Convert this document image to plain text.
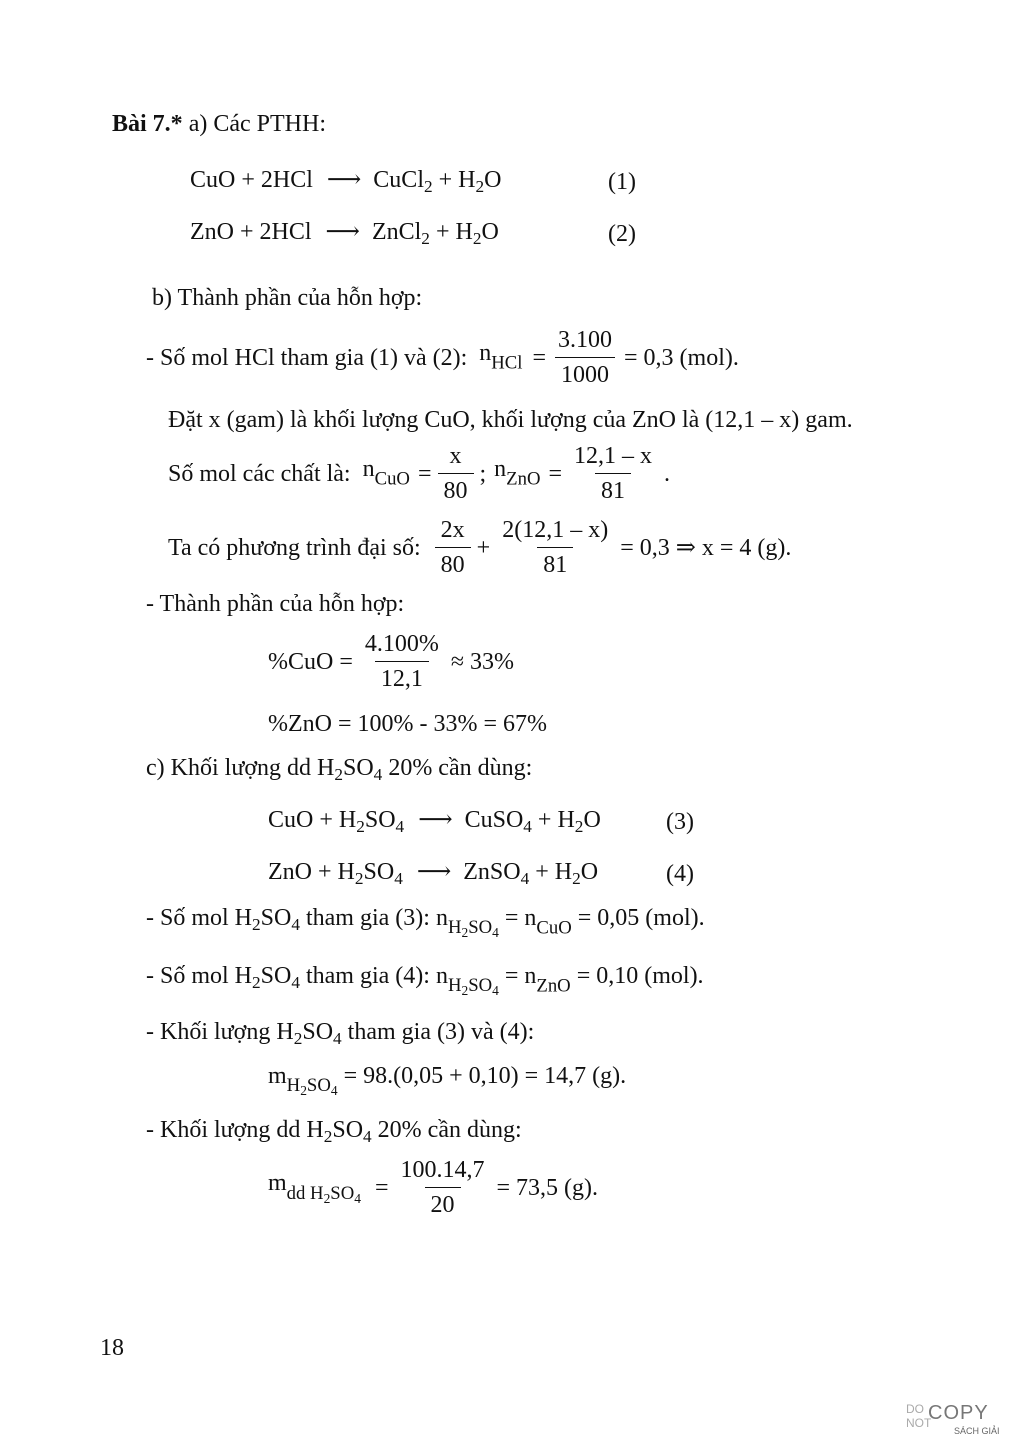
Bài 7.* a) Các PTHH:
CuO + 2HCl ⟶ CuCl$_2$ + $H_2O$	(1)
ZnO + 2HCl ⟶ ZnCl$_2$ + $H_2O$	(2)
b) Thành phần của hỗn hợp:
- Số mol HCl tham gia (1) và (2): $n_{HCl} = \frac{3.100}{1000} = 0,3$ (mol).
Đặt x (gam) là khối lượng CuO, khối lượng của ZnO là (12,1 – x) gam.
Số mol các chất là: $n_{CuO} = \frac{x}{80}$ ; $n_{ZnO} = \frac{12,1 - x}{81}$ .
Ta có phương trình đại số: $\frac{2x}{80} + \frac{2(12,1 - x)}{81} = 0,3$ ⇒ x = 4 (g).
- Thành phần của hỗn hợp:
$\%CuO = \frac{4.100\%}{12,1} \approx 33\%$
%ZnO = 100% - 33% = 67%
c) Khối lượng dd $H_2SO_4$ 20% cần dùng:
CuO + $H_2SO_4$ ⟶ CuSO$_4$ + $H_2O$	(3)
ZnO + $H_2SO_4$ ⟶ ZnSO$_4$ + $H_2O$	(4)
- Số mol $H_2SO_4$ tham gia (3): $n_{H_2SO_4} = n_{CuO} = 0,05$ (mol).
- Số mol $H_2SO_4$ tham gia (4): $n_{H_2SO_4} = n_{ZnO} = 0,10$ (mol).
- Khối lượng $H_2SO_4$ tham gia (3) và (4):
$m_{H_2SO_4} = 98.(0,05 + 0,10) = 14,7$ (g).
- Khối lượng dd $H_2SO_4$ 20% cần dùng:
$m_{dd H_2SO_4} = \frac{100.14,7}{20} = 73,5$ (g).
18
DO
NOT
COPY
SÁCH GIẢI
